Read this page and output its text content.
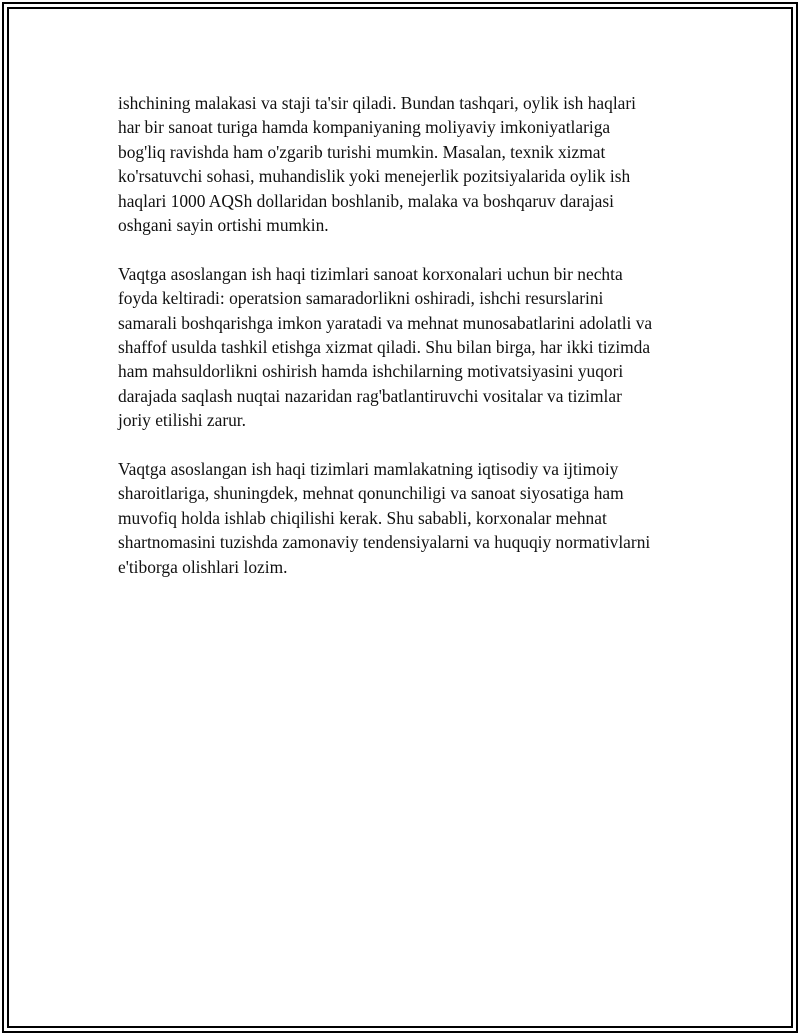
ishchining malakasi va staji ta'sir qiladi. Bundan tashqari, oylik ish haqlari
har bir sanoat turiga hamda kompaniyaning moliyaviy imkoniyatlariga
bog'liq ravishda ham o'zgarib turishi mumkin. Masalan, texnik xizmat
ko'rsatuvchi sohasi, muhandislik yoki menejerlik pozitsiyalarida oylik ish
haqlari 1000 AQSh dollaridan boshlanib, malaka va boshqaruv darajasi
oshgani sayin ortishi mumkin.

Vaqtga asoslangan ish haqi tizimlari sanoat korxonalari uchun bir nechta
foyda keltiradi: operatsion samaradorlikni oshiradi, ishchi resurslarini
samarali boshqarishga imkon yaratadi va mehnat munosabatlarini adolatli va
shaffof usulda tashkil etishga xizmat qiladi. Shu bilan birga, har ikki tizimda
ham mahsuldorlikni oshirish hamda ishchilarning motivatsiyasini yuqori
darajada saqlash nuqtai nazaridan rag'batlantiruvchi vositalar va tizimlar
joriy etilishi zarur.

Vaqtga asoslangan ish haqi tizimlari mamlakatning iqtisodiy va ijtimoiy
sharoitlariga, shuningdek, mehnat qonunchiligi va sanoat siyosatiga ham
muvofiq holda ishlab chiqilishi kerak. Shu sababli, korxonalar mehnat
shartnomasini tuzishda zamonaviy tendensiyalarni va huquqiy normativlarni
e'tiborga olishlari lozim.
